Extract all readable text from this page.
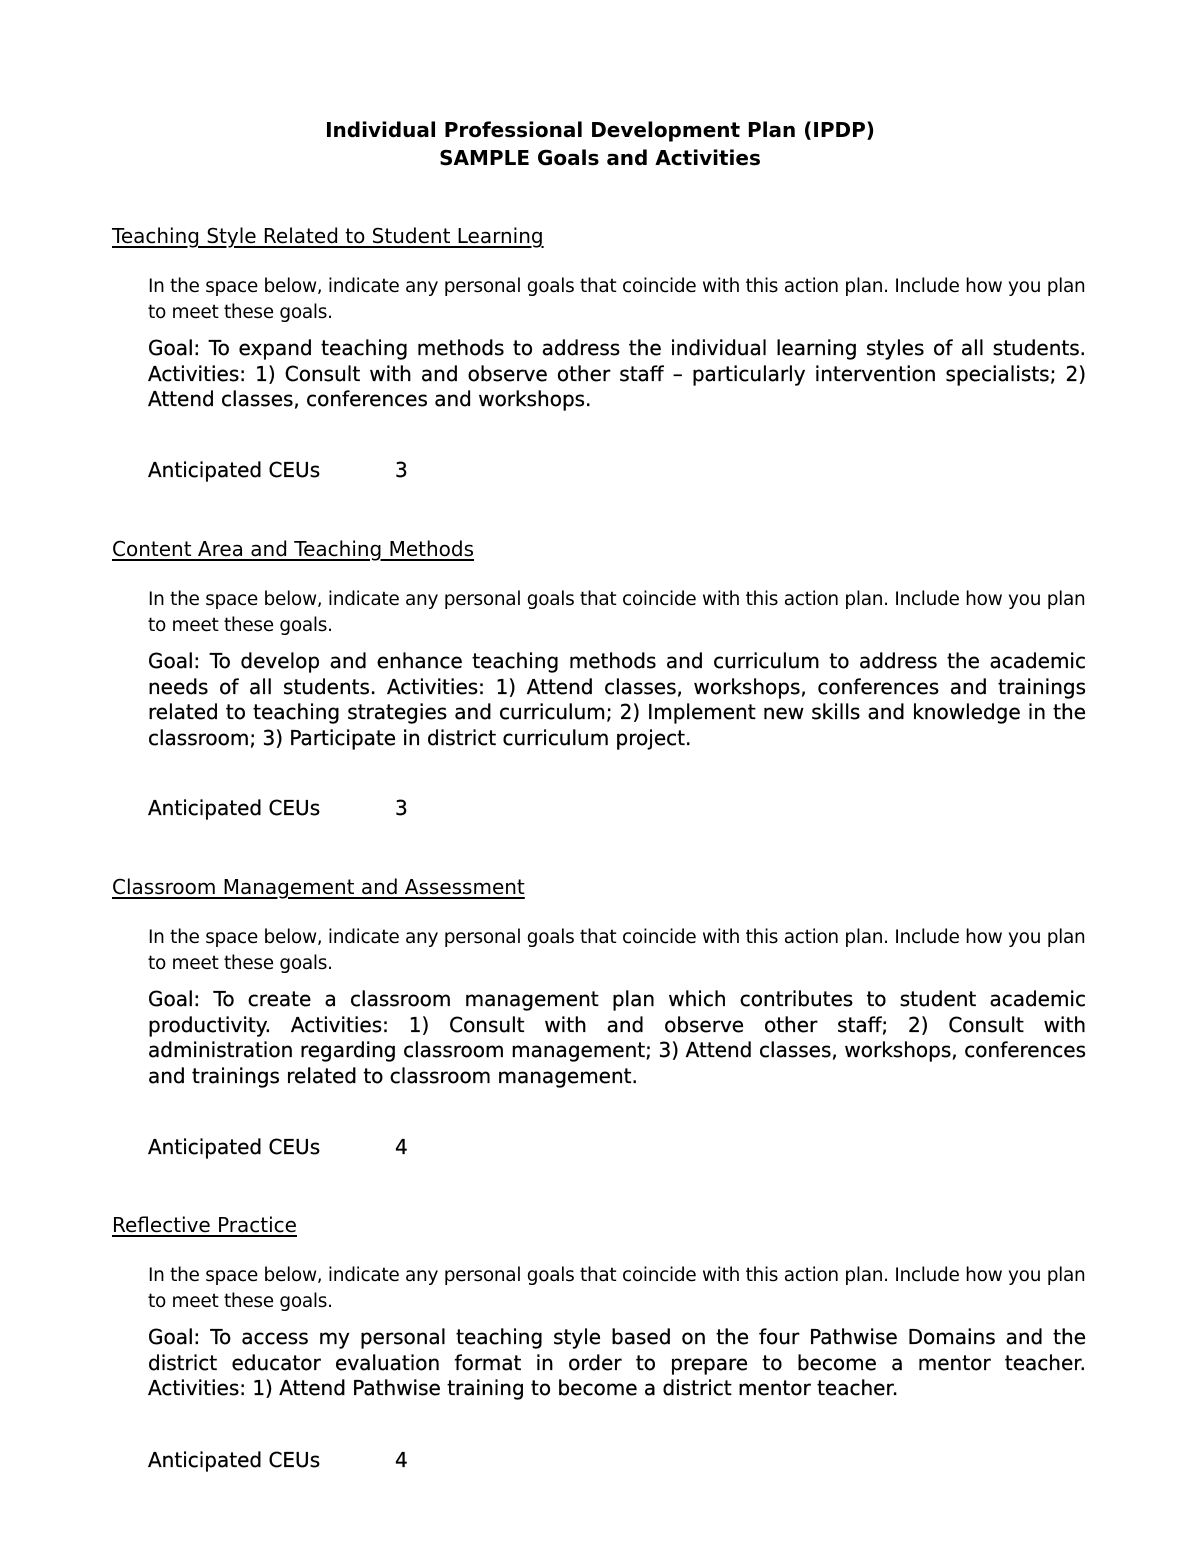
Individual Professional Development Plan (IPDP)
SAMPLE Goals and Activities
Teaching Style Related to Student Learning
In the space below, indicate any personal goals that coincide with this action plan. Include how you plan to meet these goals.
Goal: To expand teaching methods to address the individual learning styles of all students. Activities: 1) Consult with and observe other staff – particularly intervention specialists; 2) Attend classes, conferences and workshops.
Anticipated CEUs	3
Content Area and Teaching Methods
In the space below, indicate any personal goals that coincide with this action plan. Include how you plan to meet these goals.
Goal: To develop and enhance teaching methods and curriculum to address the academic needs of all students. Activities: 1) Attend classes, workshops, conferences and trainings related to teaching strategies and curriculum; 2) Implement new skills and knowledge in the classroom; 3) Participate in district curriculum project.
Anticipated CEUs	3
Classroom Management and Assessment
In the space below, indicate any personal goals that coincide with this action plan. Include how you plan to meet these goals.
Goal: To create a classroom management plan which contributes to student academic productivity. Activities: 1) Consult with and observe other staff; 2) Consult with administration regarding classroom management; 3) Attend classes, workshops, conferences and trainings related to classroom management.
Anticipated CEUs	4
Reflective Practice
In the space below, indicate any personal goals that coincide with this action plan. Include how you plan to meet these goals.
Goal: To access my personal teaching style based on the four Pathwise Domains and the district educator evaluation format in order to prepare to become a mentor teacher. Activities: 1) Attend Pathwise training to become a district mentor teacher.
Anticipated CEUs	4
